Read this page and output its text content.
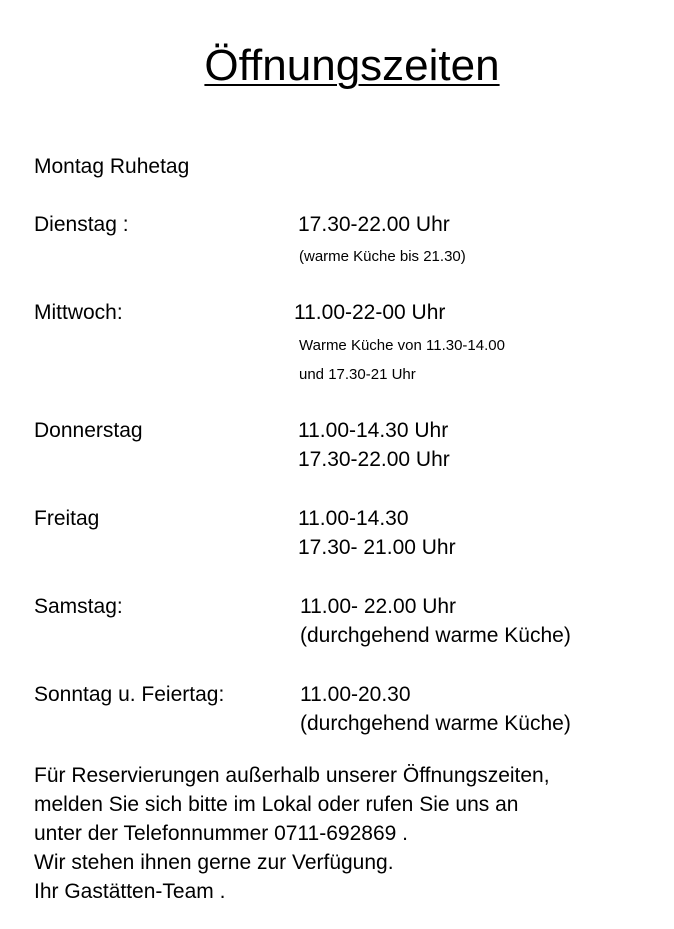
Öffnungszeiten
Montag Ruhetag
Dienstag :	17.30-22.00 Uhr
(warme Küche bis 21.30)
Mittwoch:	11.00-22-00 Uhr
Warme Küche von 11.30-14.00
und 17.30-21 Uhr
Donnerstag	11.00-14.30 Uhr
17.30-22.00 Uhr
Freitag	11.00-14.30
17.30- 21.00 Uhr
Samstag:	11.00- 22.00 Uhr
(durchgehend warme Küche)
Sonntag u. Feiertag:	11.00-20.30
(durchgehend warme Küche)
Für Reservierungen außerhalb unserer Öffnungszeiten,
melden Sie sich bitte im Lokal oder rufen Sie uns an
unter der Telefonnummer 0711-692869 .
Wir stehen ihnen gerne zur Verfügung.
Ihr Gastätten-Team .
